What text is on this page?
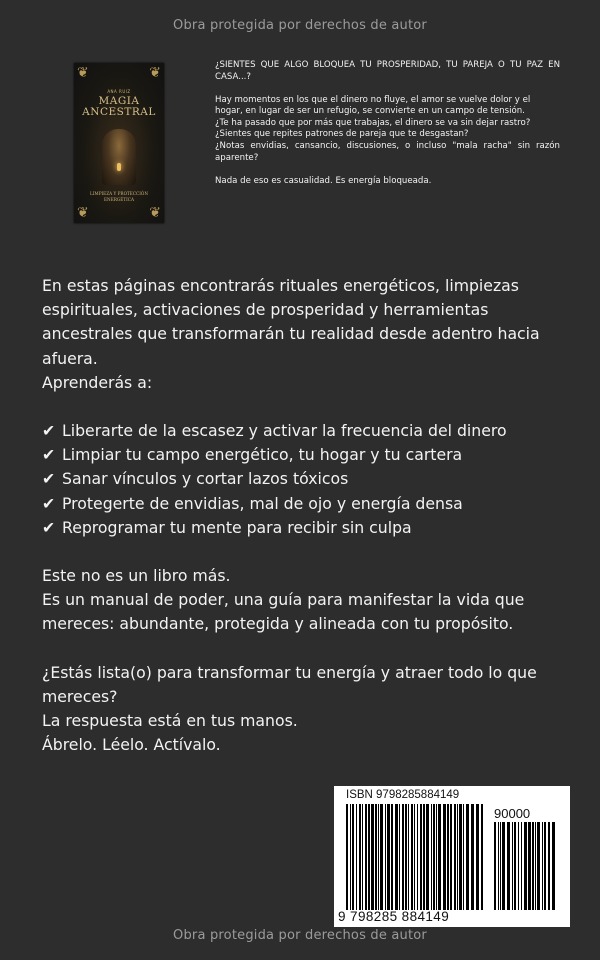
Obra protegida por derechos de autor
❦	❦
❦	❦
ANA RUIZ
MAGIA
ANCESTRAL
LIMPIEZA Y PROTECCIÓN
ENERGÉTICA

¿SIENTES QUE ALGO BLOQUEA TU PROSPERIDAD, TU PAREJA O TU PAZ EN CASA...?

Hay momentos en los que el dinero no fluye, el amor se vuelve dolor y el hogar, en lugar de ser un refugio, se convierte en un campo de tensión.
¿Te ha pasado que por más que trabajas, el dinero se va sin dejar rastro?
¿Sientes que repites patrones de pareja que te desgastan?

¿Notas envidias, cansancio, discusiones, o incluso "mala racha" sin razón aparente?

Nada de eso es casualidad. Es energía bloqueada.

En estas páginas encontrarás rituales energéticos, limpiezas espirituales, activaciones de prosperidad y herramientas ancestrales que transformarán tu realidad desde adentro hacia afuera.
Aprenderás a:

✔ Liberarte de la escasez y activar la frecuencia del dinero
✔ Limpiar tu campo energético, tu hogar y tu cartera
✔ Sanar vínculos y cortar lazos tóxicos
✔ Protegerte de envidias, mal de ojo y energía densa
✔ Reprogramar tu mente para recibir sin culpa

Este no es un libro más.
Es un manual de poder, una guía para manifestar la vida que mereces: abundante, protegida y alineada con tu propósito.

¿Estás lista(o) para transformar tu energía y atraer todo lo que mereces?
La respuesta está en tus manos.
Ábrelo. Léelo. Actívalo.

ISBN 9798285884149
90000
9 798285 884149
Obra protegida por derechos de autor
